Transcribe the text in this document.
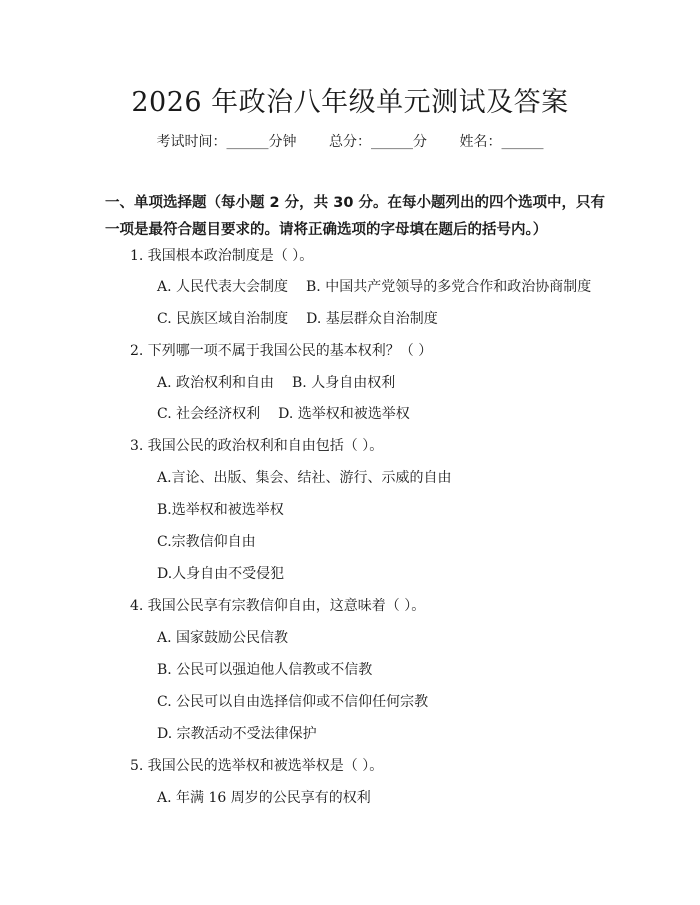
2026 年政治八年级单元测试及答案
考试时间：______分钟 总分：______分 姓名：______
一、单项选择题（每小题 2 分，共 30 分。在每小题列出的四个选项中，只有一项是最符合题目要求的。请将正确选项的字母填在题后的括号内。）
1. 我国根本政治制度是（ ）。
A. 人民代表大会制度 B. 中国共产党领导的多党合作和政治协商制度
C. 民族区域自治制度 D. 基层群众自治制度
2. 下列哪一项不属于我国公民的基本权利？（ ）
A. 政治权利和自由 B. 人身自由权利
C. 社会经济权利 D. 选举权和被选举权
3. 我国公民的政治权利和自由包括（ ）。
A.言论、出版、集会、结社、游行、示威的自由
B.选举权和被选举权
C.宗教信仰自由
D.人身自由不受侵犯
4. 我国公民享有宗教信仰自由，这意味着（ ）。
A. 国家鼓励公民信教
B. 公民可以强迫他人信教或不信教
C. 公民可以自由选择信仰或不信仰任何宗教
D. 宗教活动不受法律保护
5. 我国公民的选举权和被选举权是（ ）。
A. 年满 16 周岁的公民享有的权利
